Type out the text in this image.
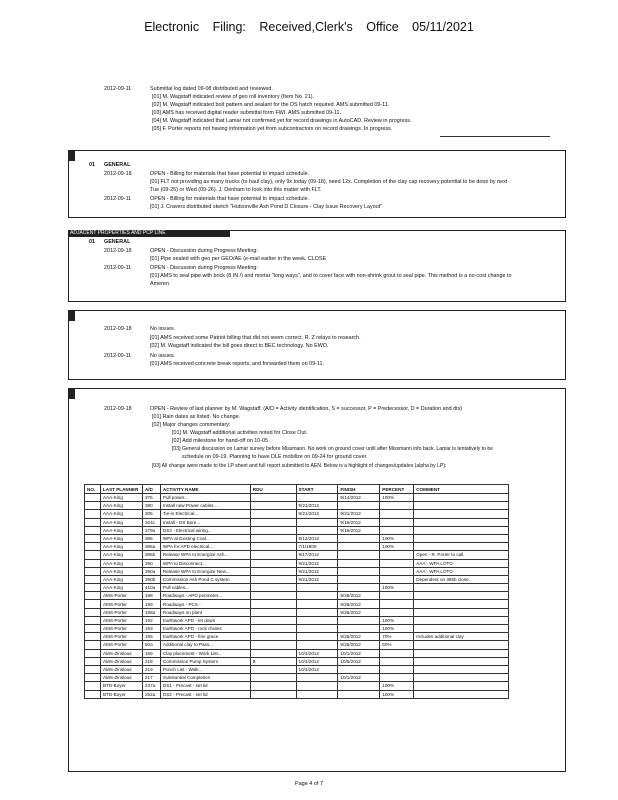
Electronic Filing: Received,Clerk's Office 05/11/2021
2012-09-11	Submittal log dated 09-08 distributed and reviewed.
[01] M. Wagstaff indicated review of geo roll inventory (Item No. 21).
[02] M. Wagstaff indicated bolt pattern and sealant for the DS hatch required. AMS submitted 09-11.
[03] AMS has received digital reader submittal form FWI. AMS submitted 09-11.
[04] M. Wagstaff indicated that Lamar not confirmed yet for record drawings in AutoCAD. Review in progress.
[05] F. Porter reports not having information yet from subcontractors on record drawings. In progress.
01 GENERAL
2012-09-18	OPEN - Billing for materials that have potential to impact schedule.
[01] FLT not providing as many trucks (to haul clay), only 9x today (09-18), need 12x. Completion of the clay cap recovery potential to be done by next
Tue (09-25) or Wed (09-26). J. Denham to look into this matter with FLT.
2012-09-11	OPEN - Billing for materials that have potential to impact schedule.
[01] J. Cravers distributed sketch "Hutsonville Ash Pond D Closure - Clay Issue Recovery Layout"
ADJACENT PROPERTIES AND PCP LINE
01 GENERAL
2012-09-18	OPEN - Discussion during Progress Meeting:
[01] Pipe sealed with geo per GEO/AE (e-mail earlier in the week. CLOSE
2012-09-11	OPEN - Discussion during Progress Meeting:
[01] AMS to seal pipe with brick (8 IN /) and mortar "long ways", and to cover face with non-shrink grout to seal pipe. This method is a no-cost change to
Ameren.
2012-09-18	No issues.
[01] AMS received some Patriot billing that did not seem correct. R. Z relays to research.
[02] M. Wagstaff indicated the bill goes direct to BEC technology. No EWO.
2012-09-11	No issues.
[01] AMS received concrete break reports, and forwarded them on 09-11.
2012-09-18	OPEN - Review of last planner by M. Wagstaff. (A/D = Activity identification, S = successor, P = Predecessor, D = Duration and dts)
[01] Rain dates as listed. No change.
[02] Major changes commentary:
[01] M. Wagstaff additional activities noted for Close Out.
[02] Add milestone for hand-off on 10-05.
[03] General discussion on Lamar survey before Missmann. No work on ground cover until after Missmann info back. Lamar is tentatively to be
schedule on 09-19. Planning to have DLE mobilize on 09-24 for ground cover.
[03] All change were made to the LP sheet and full report submitted to AEN. Below is a highlight of changes/updates (alpha by LP):
NO.	LAST PLANNER	A/D	ACTIVITY NAME	RDU	START	FINISH	PERCENT	COMMENT
	AAA-King	375	Pull power...			9/14/2012	100%	
	AAA-King	380	Install new Power cables...		9/21/2012			
	AAA-King	305	Tie-in Electrical...		9/21/2012	9/21/2012		
	AAA-King	324c	Install - DS Bore...			9/19/2012		
	AAA-King	279a	DS3 - Electrical wiring...			9/19/2012		
	AAA-King	385	WPA at Existing Coal...		9/13/2012		100%	
	AAA-King	385a	WPA for APD electrical...		7/1/1900		100%	
	AAA-King	385b	Release WPA to Energize Ash...		9/17/2012			Open - R. Porter to call.
	AAA-King	390	WPA to Disconnect...		9/21/2012			AAA - WPA LOTO
	AAA-King	390a	Release WPA to Energize New...		9/21/2012			AAA - WPA LOTO
	AAA-King	390b	Commission Ash Pond C system		9/21/2012			Dependent on 385b close.
	AAA-King	410a	Pull cables...				100%	
	AMS-Porter	198	Roadways - APD perimeter...			9/28/2012		
	AMS-Porter	199	Roadways - PCS -			9/28/2012		
	AMS-Porter	198a	Roadways on plant			9/28/2012		
	AMS-Porter	192	Earthwork APD - let down				100%	
	AMS-Porter	193	Earthwork APD - rock chutes				100%	
	AMS-Porter	195	Earthwork APD - fine grace			9/25/2012	70%	Includes additional clay
	AMS-Porter	50a	Additional clay to Pass...			9/25/2012	50%	
	AMS-Zinslous	159	Clay placement - Work List...		10/1/2012	10/1/2012		
	AMS-Zinslous	218	Commission Pump System	$	10/1/2012	10/5/2012		
	AMS-Zinslous	219	Punch List - Walk...		10/1/2012			
	AMS-Zinslous	217	Substantial Completion			10/1/2012		
	BTD-Boyer	237a	DS1 - Precast - set lid				100%	
	BTD-Boyer	252a	DS2 - Precast - set lid				100%	
Page 4 of 7
